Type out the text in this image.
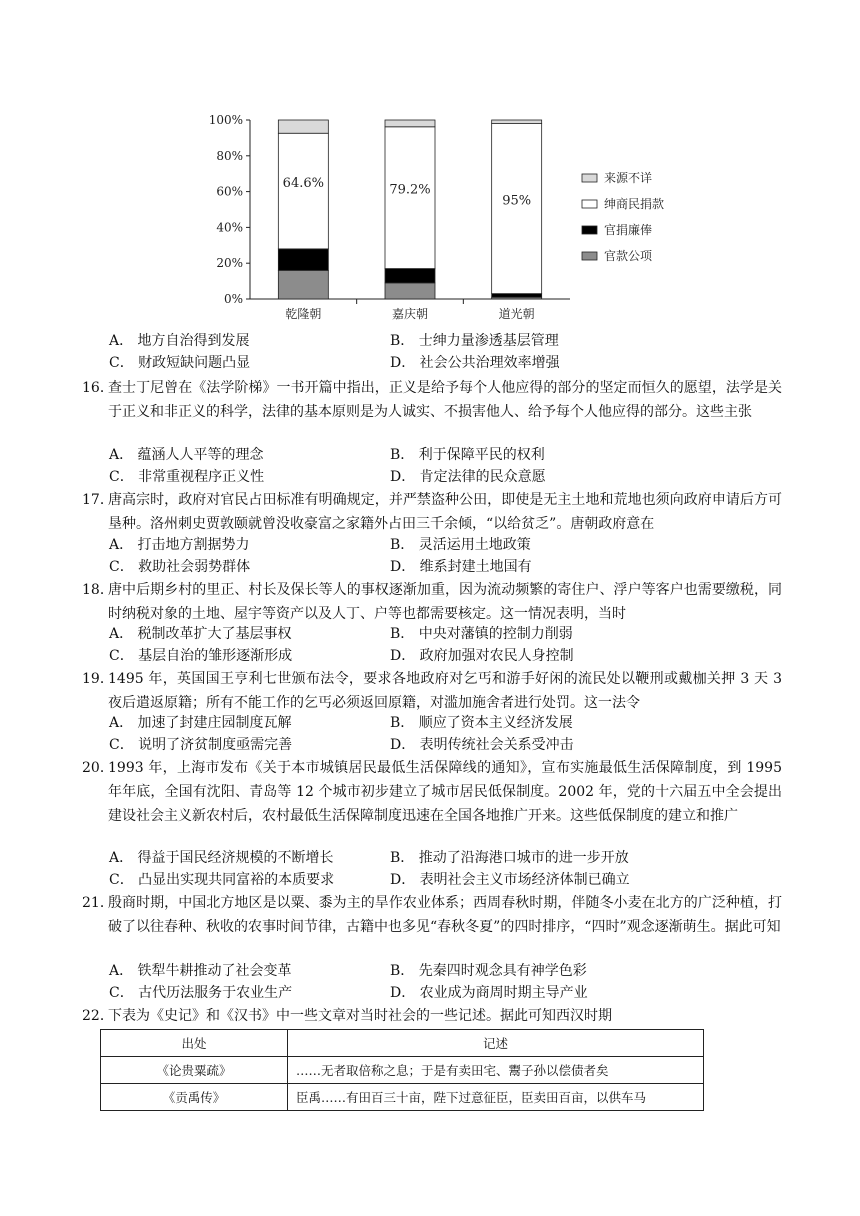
0%
20%
40%
60%
80%
100%
乾隆朝	嘉庆朝	道光朝
64.6%	79.2%
95%
来源不详
绅商民捐款
官捐廉俸
官款公项
A． 地方自治得到发展	B． 士绅力量渗透基层管理
C． 财政短缺问题凸显	D． 社会公共治理效率增强
16．
查士丁尼曾在《法学阶梯》一书开篇中指出，正义是给予每个人他应得的部分的坚定而恒久的愿望，法学是关于正义和非正义的科学，法律的基本原则是为人诚实、不损害他人、给予每个人他应得的部分。这些主张
A． 蕴涵人人平等的理念	B． 利于保障平民的权利
C． 非常重视程序正义性	D． 肯定法律的民众意愿
17．
唐高宗时，政府对官民占田标准有明确规定，并严禁盗种公田，即使是无主土地和荒地也须向政府申请后方可垦种。洛州刺史贾敦颐就曾没收豪富之家籍外占田三千余倾，“以给贫乏”。唐朝政府意在
A． 打击地方割据势力	B． 灵活运用土地政策
C． 救助社会弱势群体	D． 维系封建土地国有
18．
唐中后期乡村的里正、村长及保长等人的事权逐渐加重，因为流动频繁的寄住户、浮户等客户也需要缴税，同时纳税对象的土地、屋宇等资产以及人丁、户等也都需要核定。这一情况表明，当时
A． 税制改革扩大了基层事权	B． 中央对藩镇的控制力削弱
C． 基层自治的雏形逐渐形成	D． 政府加强对农民人身控制
19．
1495 年，英国国王亨利七世颁布法令，要求各地政府对乞丐和游手好闲的流民处以鞭刑或戴枷关押 3 天 3 夜后遣返原籍；所有不能工作的乞丐必须返回原籍，对滥加施舍者进行处罚。这一法令
A． 加速了封建庄园制度瓦解	B． 顺应了资本主义经济发展
C． 说明了济贫制度亟需完善	D． 表明传统社会关系受冲击
20．
1993 年，上海市发布《关于本市城镇居民最低生活保障线的通知》，宣布实施最低生活保障制度，到 1995 年年底，全国有沈阳、青岛等 12 个城市初步建立了城市居民低保制度。2002 年，党的十六届五中全会提出建设社会主义新农村后，农村最低生活保障制度迅速在全国各地推广开来。这些低保制度的建立和推广
A． 得益于国民经济规模的不断增长	B． 推动了沿海港口城市的进一步开放
C． 凸显出实现共同富裕的本质要求	D． 表明社会主义市场经济体制已确立
21．
殷商时期，中国北方地区是以粟、黍为主的旱作农业体系；西周春秋时期，伴随冬小麦在北方的广泛种植，打破了以往春种、秋收的农事时间节律，古籍中也多见“春秋冬夏”的四时排序，“四时”观念逐渐萌生。据此可知
A． 铁犁牛耕推动了社会变革	B． 先秦四时观念具有神学色彩
C． 古代历法服务于农业生产	D． 农业成为商周时期主导产业
22．
下表为《史记》和《汉书》中一些文章对当时社会的一些记述。据此可知西汉时期
出处	记述
《论贵粟疏》	……无者取倍称之息；于是有卖田宅、鬻子孙以偿债者矣
《贡禹传》	臣禹……有田百三十亩，陛下过意征臣，臣卖田百亩，以供车马
